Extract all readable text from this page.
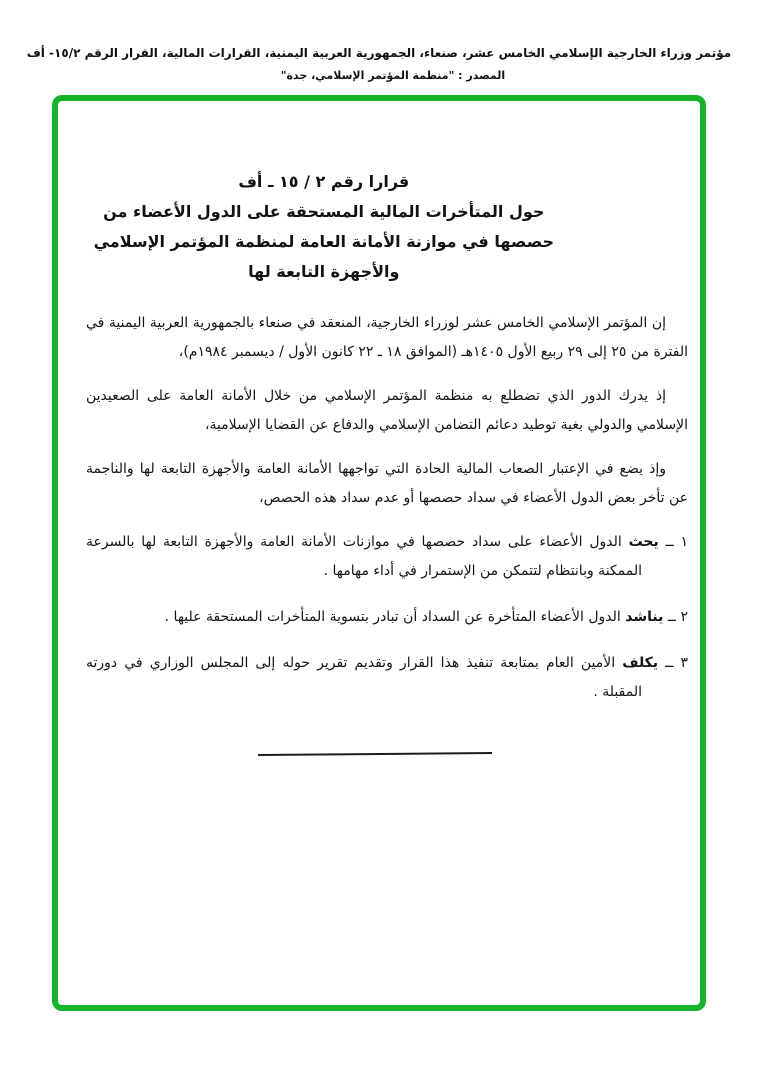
مؤتمر وزراء الخارجية الإسلامي الخامس عشر، صنعاء، الجمهورية العربية اليمنية، القرارات المالية، القرار الرقم ٢‏/١٥- أف
المصدر : "منظمة المؤتمر الإسلامي، جدة"
قرارا رقم ٢ / ١٥ ـ أف
حول المتأخرات المالية المستحقة على الدول الأعضاء من
حصصها في موازنة الأمانة العامة لمنظمة المؤتمر الإسلامي
والأجهزة التابعة لها

إن المؤتمر الإسلامي الخامس عشر لوزراء الخارجية، المنعقد في صنعاء بالجمهورية العربية اليمنية في الفترة من ٢٥ إلى ٢٩ ربيع الأول ١٤٠٥هـ (الموافق ١٨ ـ ٢٢ كانون الأول / ديسمبر ١٩٨٤م)،

إذ يدرك الدور الذي تضطلع به منظمة المؤتمر الإسلامي من خلال الأمانة العامة على الصعيدين الإسلامي والدولي بغية توطيد دعائم التضامن الإسلامي والدفاع عن القضايا الإسلامية،

وإذ يضع في الإعتبار الصعاب المالية الحادة التي تواجهها الأمانة العامة والأجهزة التابعة لها والناجمة عن تأخر بعض الدول الأعضاء في سداد حصصها أو عدم سداد هذه الحصص،

١ ــ يحث الدول الأعضاء على سداد حصصها في موازنات الأمانة العامة والأجهزة التابعة لها بالسرعة الممكنة وبانتظام لتتمكن من الإستمرار في أداء مهامها .
٢ ــ يناشد الدول الأعضاء المتأخرة عن السداد أن تبادر بتسوية المتأخرات المستحقة عليها .
٣ ــ يكلف الأمين العام بمتابعة تنفيذ هذا القرار وتقديم تقرير حوله إلى المجلس الوزاري في دورته المقبلة .
